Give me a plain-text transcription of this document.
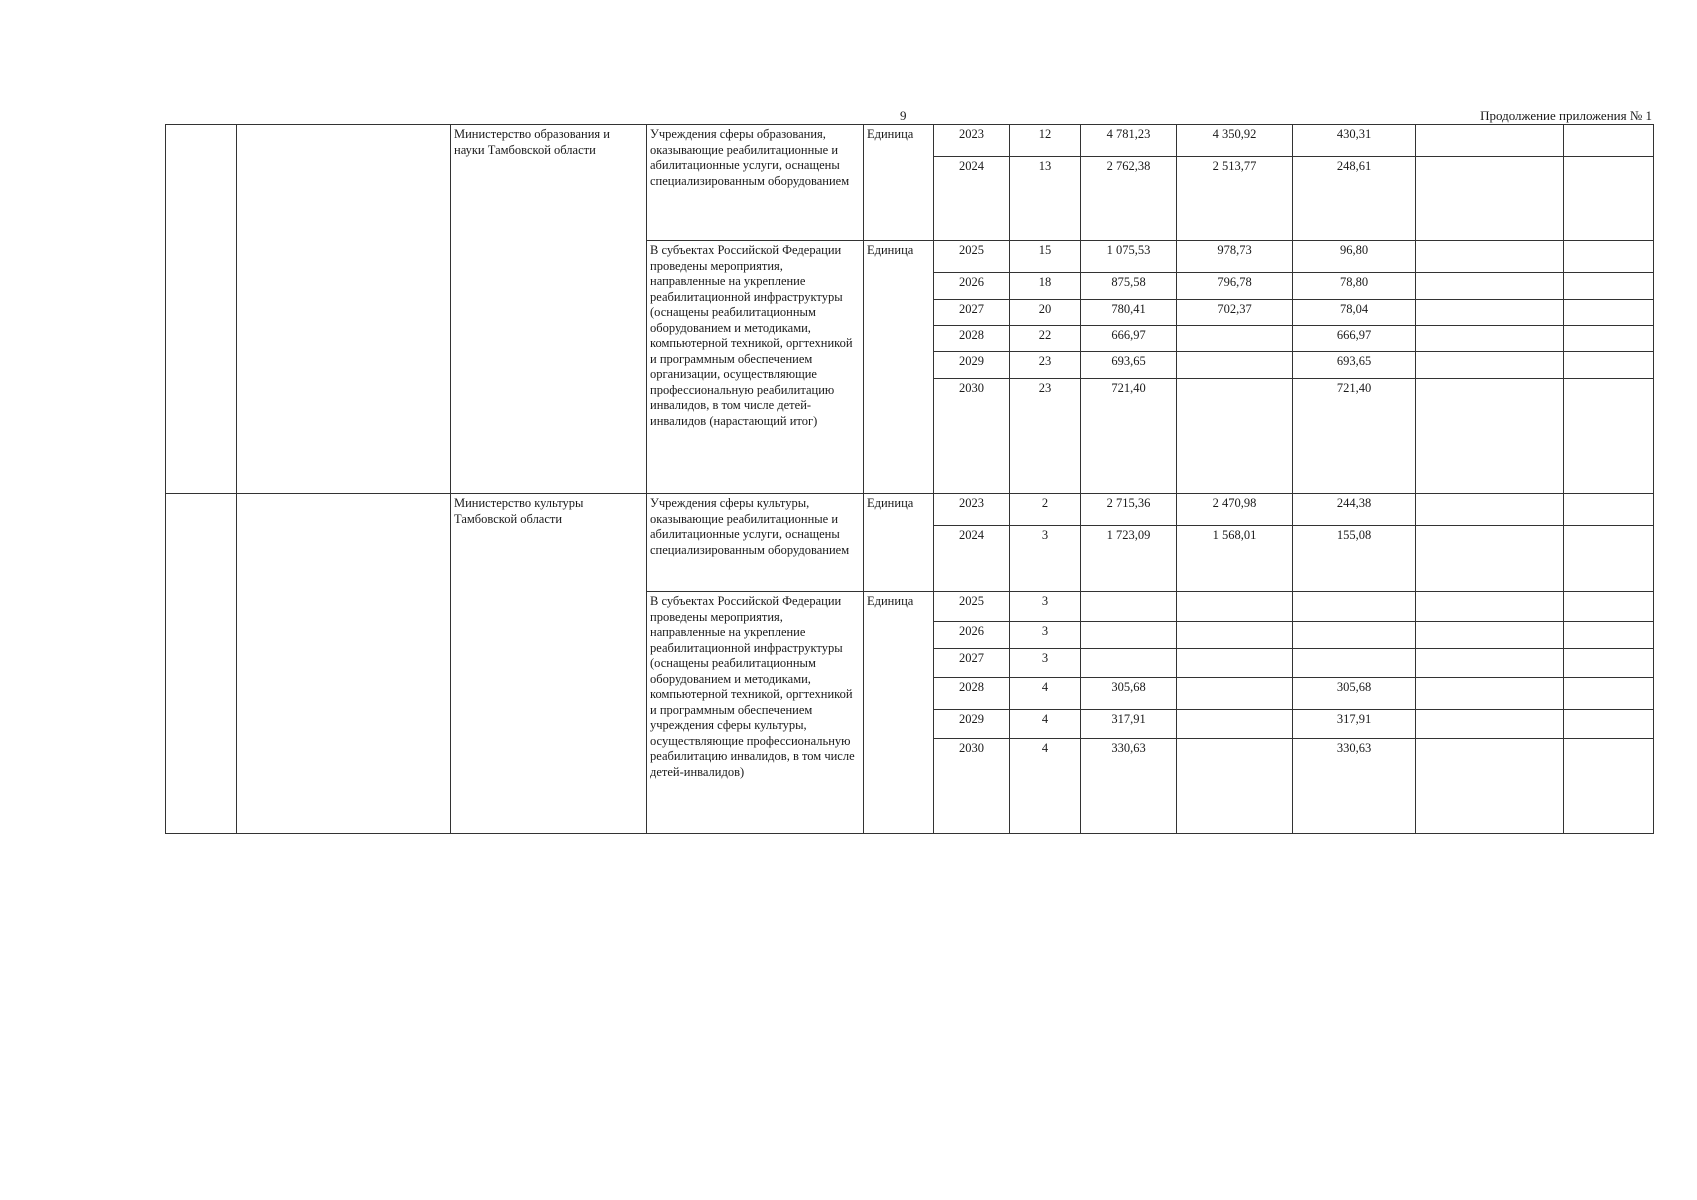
9	Продолжение приложения № 1
		Министерство образования и науки Тамбовской области	Учреждения сферы образования, оказывающие реабилитационные и абилитационные услуги, оснащены специализированным оборудованием	Единица	2023	12	4 781,23	4 350,92	430,31		
					2024	13	2 762,38	2 513,77	248,61		
			В субъектах Российской Федерации проведены мероприятия, направленные на укрепление реабилитационной инфраструктуры (оснащены реабилитационным оборудованием и методиками, компьютерной техникой, оргтехникой и программным обеспечением организации, осуществляющие профессиональную реабилитацию инвалидов, в том числе детей-инвалидов (нарастающий итог)	Единица	2025	15	1 075,53	978,73	96,80		
					2026	18	875,58	796,78	78,80		
					2027	20	780,41	702,37	78,04		
					2028	22	666,97		666,97		
					2029	23	693,65		693,65		
					2030	23	721,40		721,40		
		Министерство культуры Тамбовской области	Учреждения сферы культуры, оказывающие реабилитационные и абилитационные услуги, оснащены специализированным оборудованием	Единица	2023	2	2 715,36	2 470,98	244,38		
					2024	3	1 723,09	1 568,01	155,08		
			В субъектах Российской Федерации проведены мероприятия, направленные на укрепление реабилитационной инфраструктуры (оснащены реабилитационным оборудованием и методиками, компьютерной техникой, оргтехникой и программным обеспечением учреждения сферы культуры, осуществляющие профессиональную реабилитацию инвалидов, в том числе детей-инвалидов)	Единица	2025	3					
					2026	3					
					2027	3					
					2028	4	305,68		305,68		
					2029	4	317,91		317,91		
					2030	4	330,63		330,63		
